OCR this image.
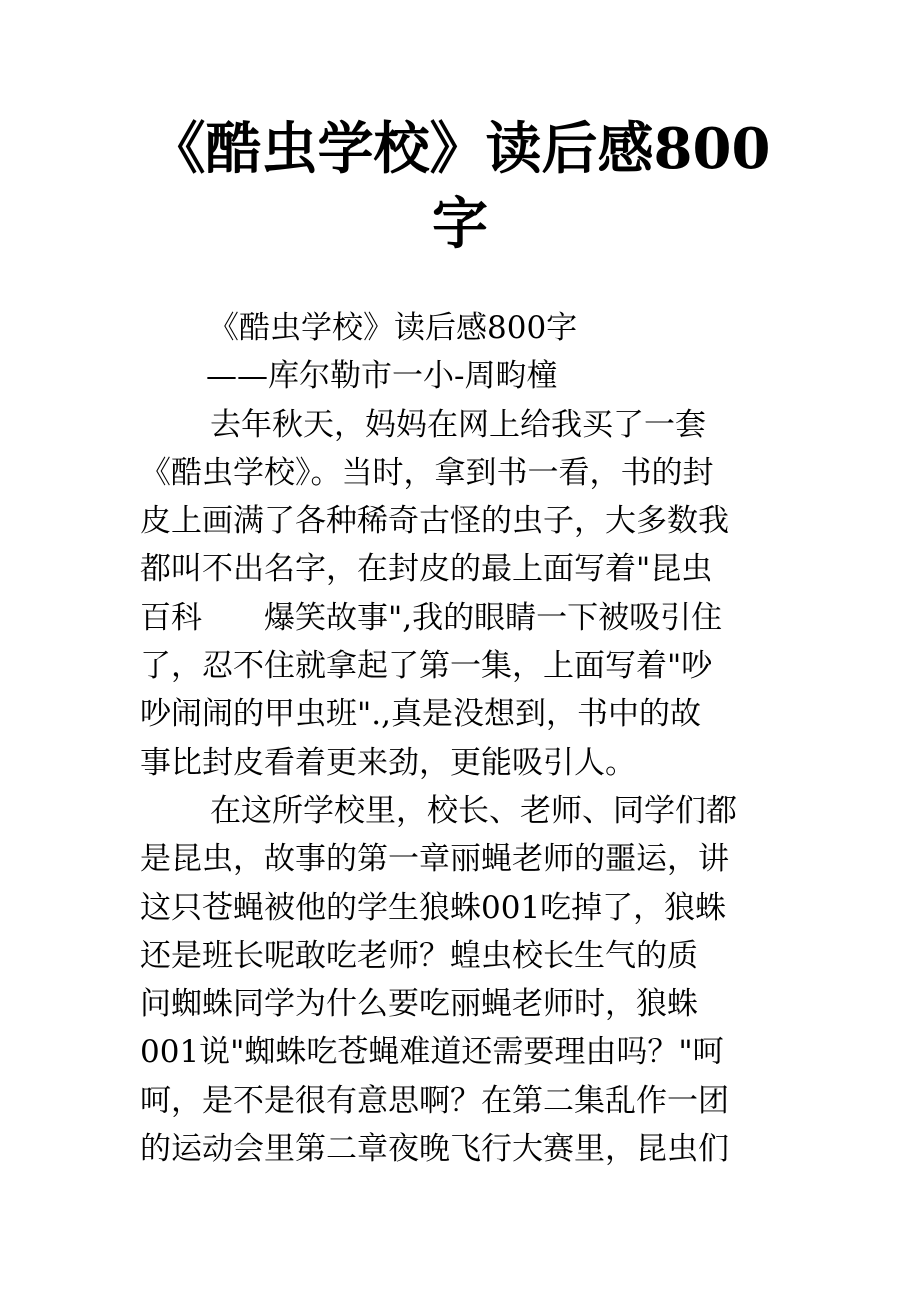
《酷虫学校》读后感800
字
《酷虫学校》读后感800字
——库尔勒市一小-周畇橦
去年秋天，妈妈在网上给我买了一套
《酷虫学校》。当时，拿到书一看，书的封
皮上画满了各种稀奇古怪的虫子，大多数我
都叫不出名字，在封皮的最上面写着"昆虫
百科　　爆笑故事",我的眼睛一下被吸引住
了，忍不住就拿起了第一集，上面写着"吵
吵闹闹的甲虫班".,真是没想到，书中的故
事比封皮看着更来劲，更能吸引人。
在这所学校里，校长、老师、同学们都
是昆虫，故事的第一章丽蝇老师的噩运，讲
这只苍蝇被他的学生狼蛛001吃掉了，狼蛛
还是班长呢敢吃老师？蝗虫校长生气的质
问蜘蛛同学为什么要吃丽蝇老师时，狼蛛
001说"蜘蛛吃苍蝇难道还需要理由吗？"呵
呵，是不是很有意思啊？在第二集乱作一团
的运动会里第二章夜晚飞行大赛里，昆虫们
